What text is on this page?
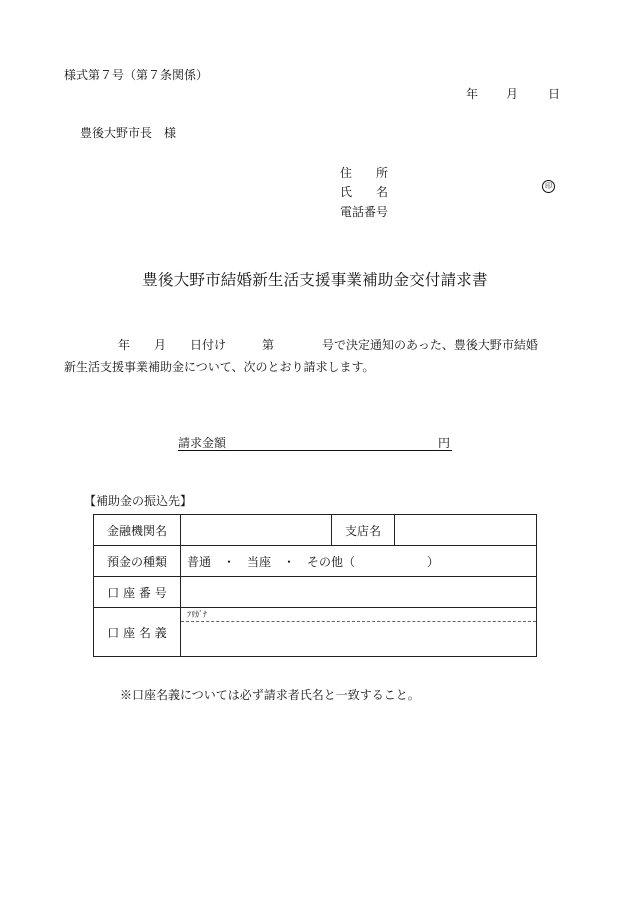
様式第７号（第７条関係）
年 月 日
豊後大野市長　様
住　　所
氏　　名	印
電話番号
豊後大野市結婚新生活支援事業補助金交付請求書
年　　月　　日付け　　　第　　　　号で決定通知のあった、豊後大野市結婚
新生活支援事業補助金について、次のとおり請求します。
請求金額	円
【補助金の振込先】
金融機関名		支店名	
預金の種類	普通　・　当座　・　その他（　　　　　　）		
口 座 番 号			
口 座 名 義	ﾌﾘｶﾞﾅ		
※口座名義については必ず請求者氏名と一致すること。
